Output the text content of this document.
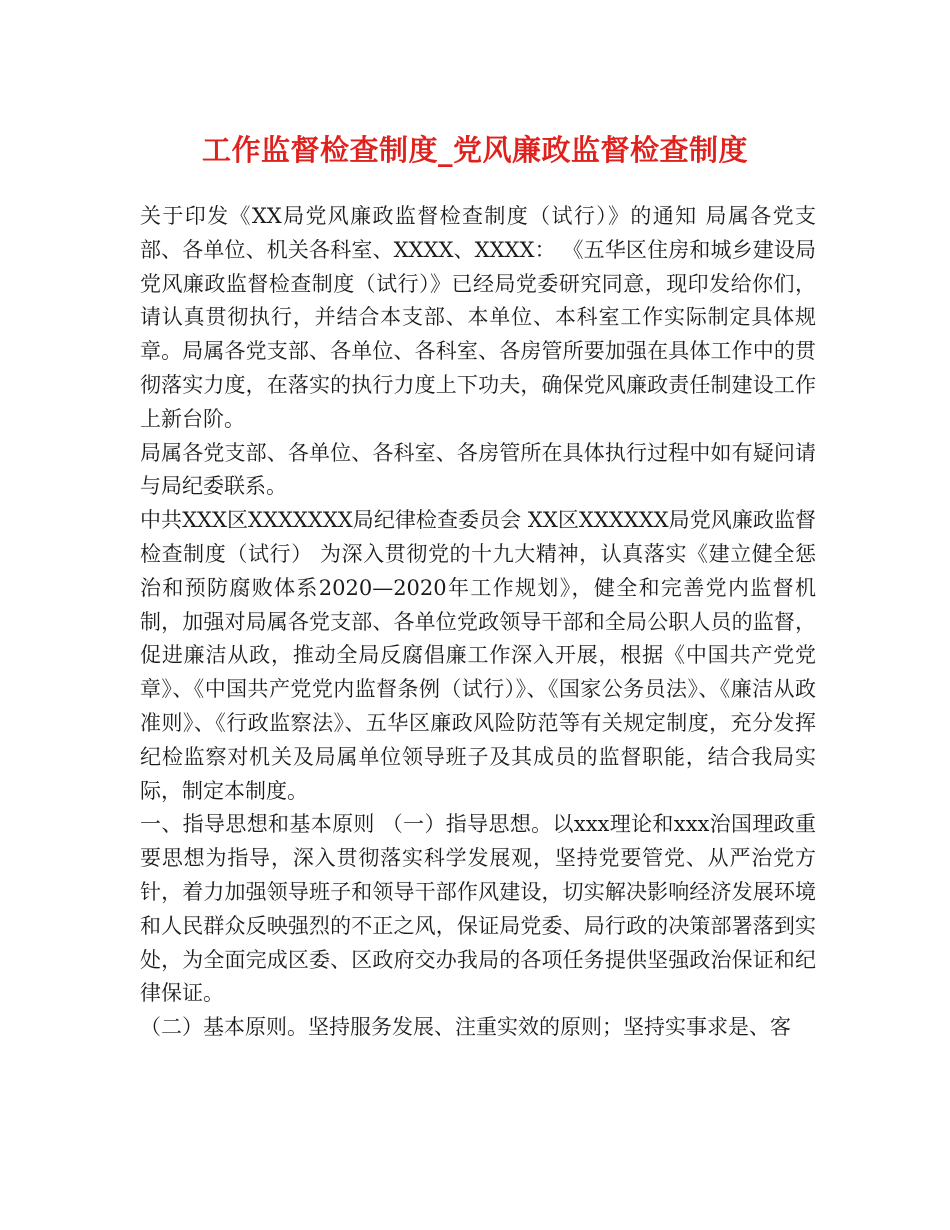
工作监督检查制度_党风廉政监督检查制度

关于印发《XX局党风廉政监督检查制度（试行）》的通知 局属各党支部、各单位、机关各科室、XXXX、XXXX： 《五华区住房和城乡建设局党风廉政监督检查制度（试行）》已经局党委研究同意，现印发给你们，请认真贯彻执行，并结合本支部、本单位、本科室工作实际制定具体规章。局属各党支部、各单位、各科室、各房管所要加强在具体工作中的贯彻落实力度，在落实的执行力度上下功夫，确保党风廉政责任制建设工作上新台阶。

局属各党支部、各单位、各科室、各房管所在具体执行过程中如有疑问请与局纪委联系。

中共XXX区XXXXXXX局纪律检查委员会 XX区XXXXXX局党风廉政监督检查制度（试行） 为深入贯彻党的十九大精神，认真落实《建立健全惩治和预防腐败体系2020—2020年工作规划》，健全和完善党内监督机制，加强对局属各党支部、各单位党政领导干部和全局公职人员的监督，促进廉洁从政，推动全局反腐倡廉工作深入开展，根据《中国共产党党章》、《中国共产党党内监督条例（试行）》、《国家公务员法》、《廉洁从政准则》、《行政监察法》、五华区廉政风险防范等有关规定制度，充分发挥纪检监察对机关及局属单位领导班子及其成员的监督职能，结合我局实际，制定本制度。

一、指导思想和基本原则 （一）指导思想。以xxx理论和xxx治国理政重要思想为指导，深入贯彻落实科学发展观，坚持党要管党、从严治党方针，着力加强领导班子和领导干部作风建设，切实解决影响经济发展环境和人民群众反映强烈的不正之风，保证局党委、局行政的决策部署落到实处，为全面完成区委、区政府交办我局的各项任务提供坚强政治保证和纪律保证。

（二）基本原则。坚持服务发展、注重实效的原则；坚持实事求是、客
